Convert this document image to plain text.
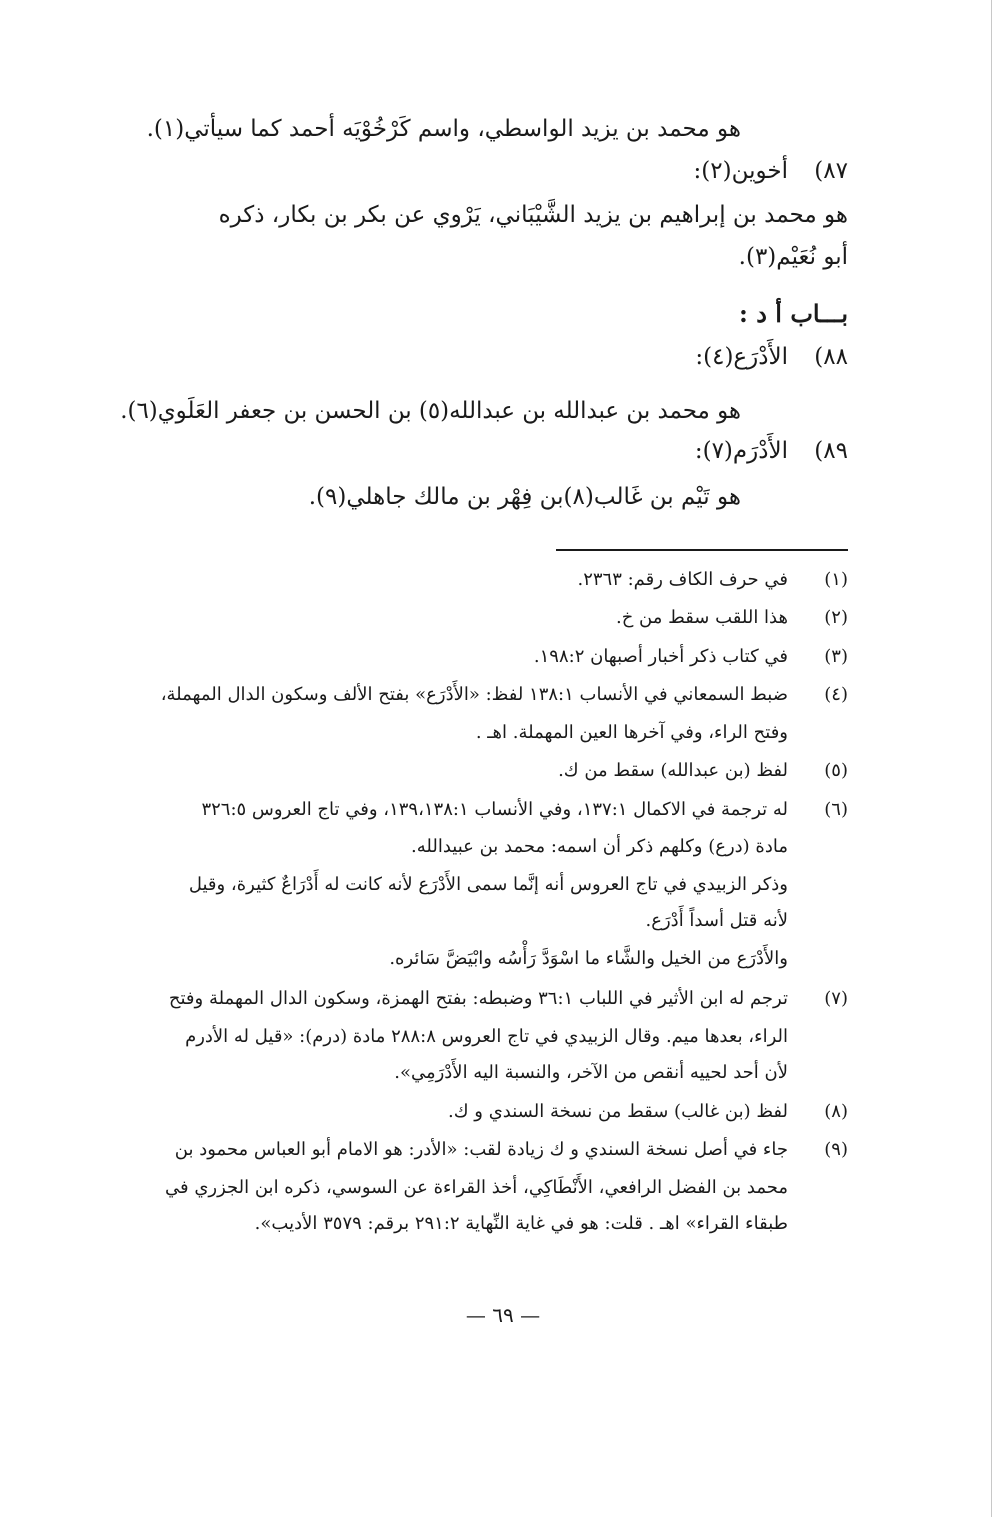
هو محمد بن يزيد الواسطي، واسم كَرْخُوْيَه أحمد كما سيأتي(١).
٨٧)أخوين(٢):
هو محمد بن إبراهيم بن يزيد الشَّيْبَاني، يَرْوي عن بكر بن بكار، ذكره
أبو نُعَيْم(٣).
بـــاب أ د :
٨٨)الأَدْرَع(٤):
هو محمد بن عبدالله بن عبدالله(٥) بن الحسن بن جعفر العَلَوي(٦).
٨٩)الأَدْرَم(٧):
هو تَيْم بن غَالب(٨)بن فِهْر بن مالك جاهلي(٩).
(١)في حرف الكاف رقم: ٢٣٦٣.
(٢)هذا اللقب سقط من خ.
(٣)في كتاب ذكر أخبار أصبهان ١٩٨:٢.
(٤)ضبط السمعاني في الأنساب ١٣٨:١ لفظ: «الأَدْرَع» بفتح الألف وسكون الدال المهملة،
وفتح الراء، وفي آخرها العين المهملة. اهـ .
(٥)لفظ (بن عبدالله) سقط من ك.
(٦)له ترجمة في الاكمال ١٣٧:١، وفي الأنساب ١٣٩،١٣٨:١، وفي تاج العروس ٣٢٦:٥
مادة (درع) وكلهم ذكر أن اسمه: محمد بن عبيدالله.
وذكر الزبيدي في تاج العروس أنه إنَّما سمى الأَدْرَع لأنه كانت له أَدْرَاعٌ كثيرة، وقيل
لأنه قتل أسداً أَدْرَع.
والأَدْرَع من الخيل والشَّاء ما اسْوَدَّ رَأْسُه وابْيَضَّ سَائره.
(٧)ترجم له ابن الأثير في اللباب ٣٦:١ وضبطه: بفتح الهمزة، وسكون الدال المهملة وفتح
الراء، بعدها ميم. وقال الزبيدي في تاج العروس ٢٨٨:٨ مادة (درم): «قيل له الأدرم
لأن أحد لحييه أنقص من الآخر، والنسبة اليه الأَدْرَمِي».
(٨)لفظ (بن غالب) سقط من نسخة السندي و ك.
(٩)جاء في أصل نسخة السندي و ك زيادة لقب: «الأدر: هو الامام أبو العباس محمود بن
محمد بن الفضل الرافعي، الأَنْطَاكِي، أخذ القراءة عن السوسي، ذكره ابن الجزري في
طبقاء القراء» اهـ . قلت: هو في غاية النِّهاية ٢٩١:٢ برقم: ٣٥٧٩ الأديب».
— ٦٩ —
